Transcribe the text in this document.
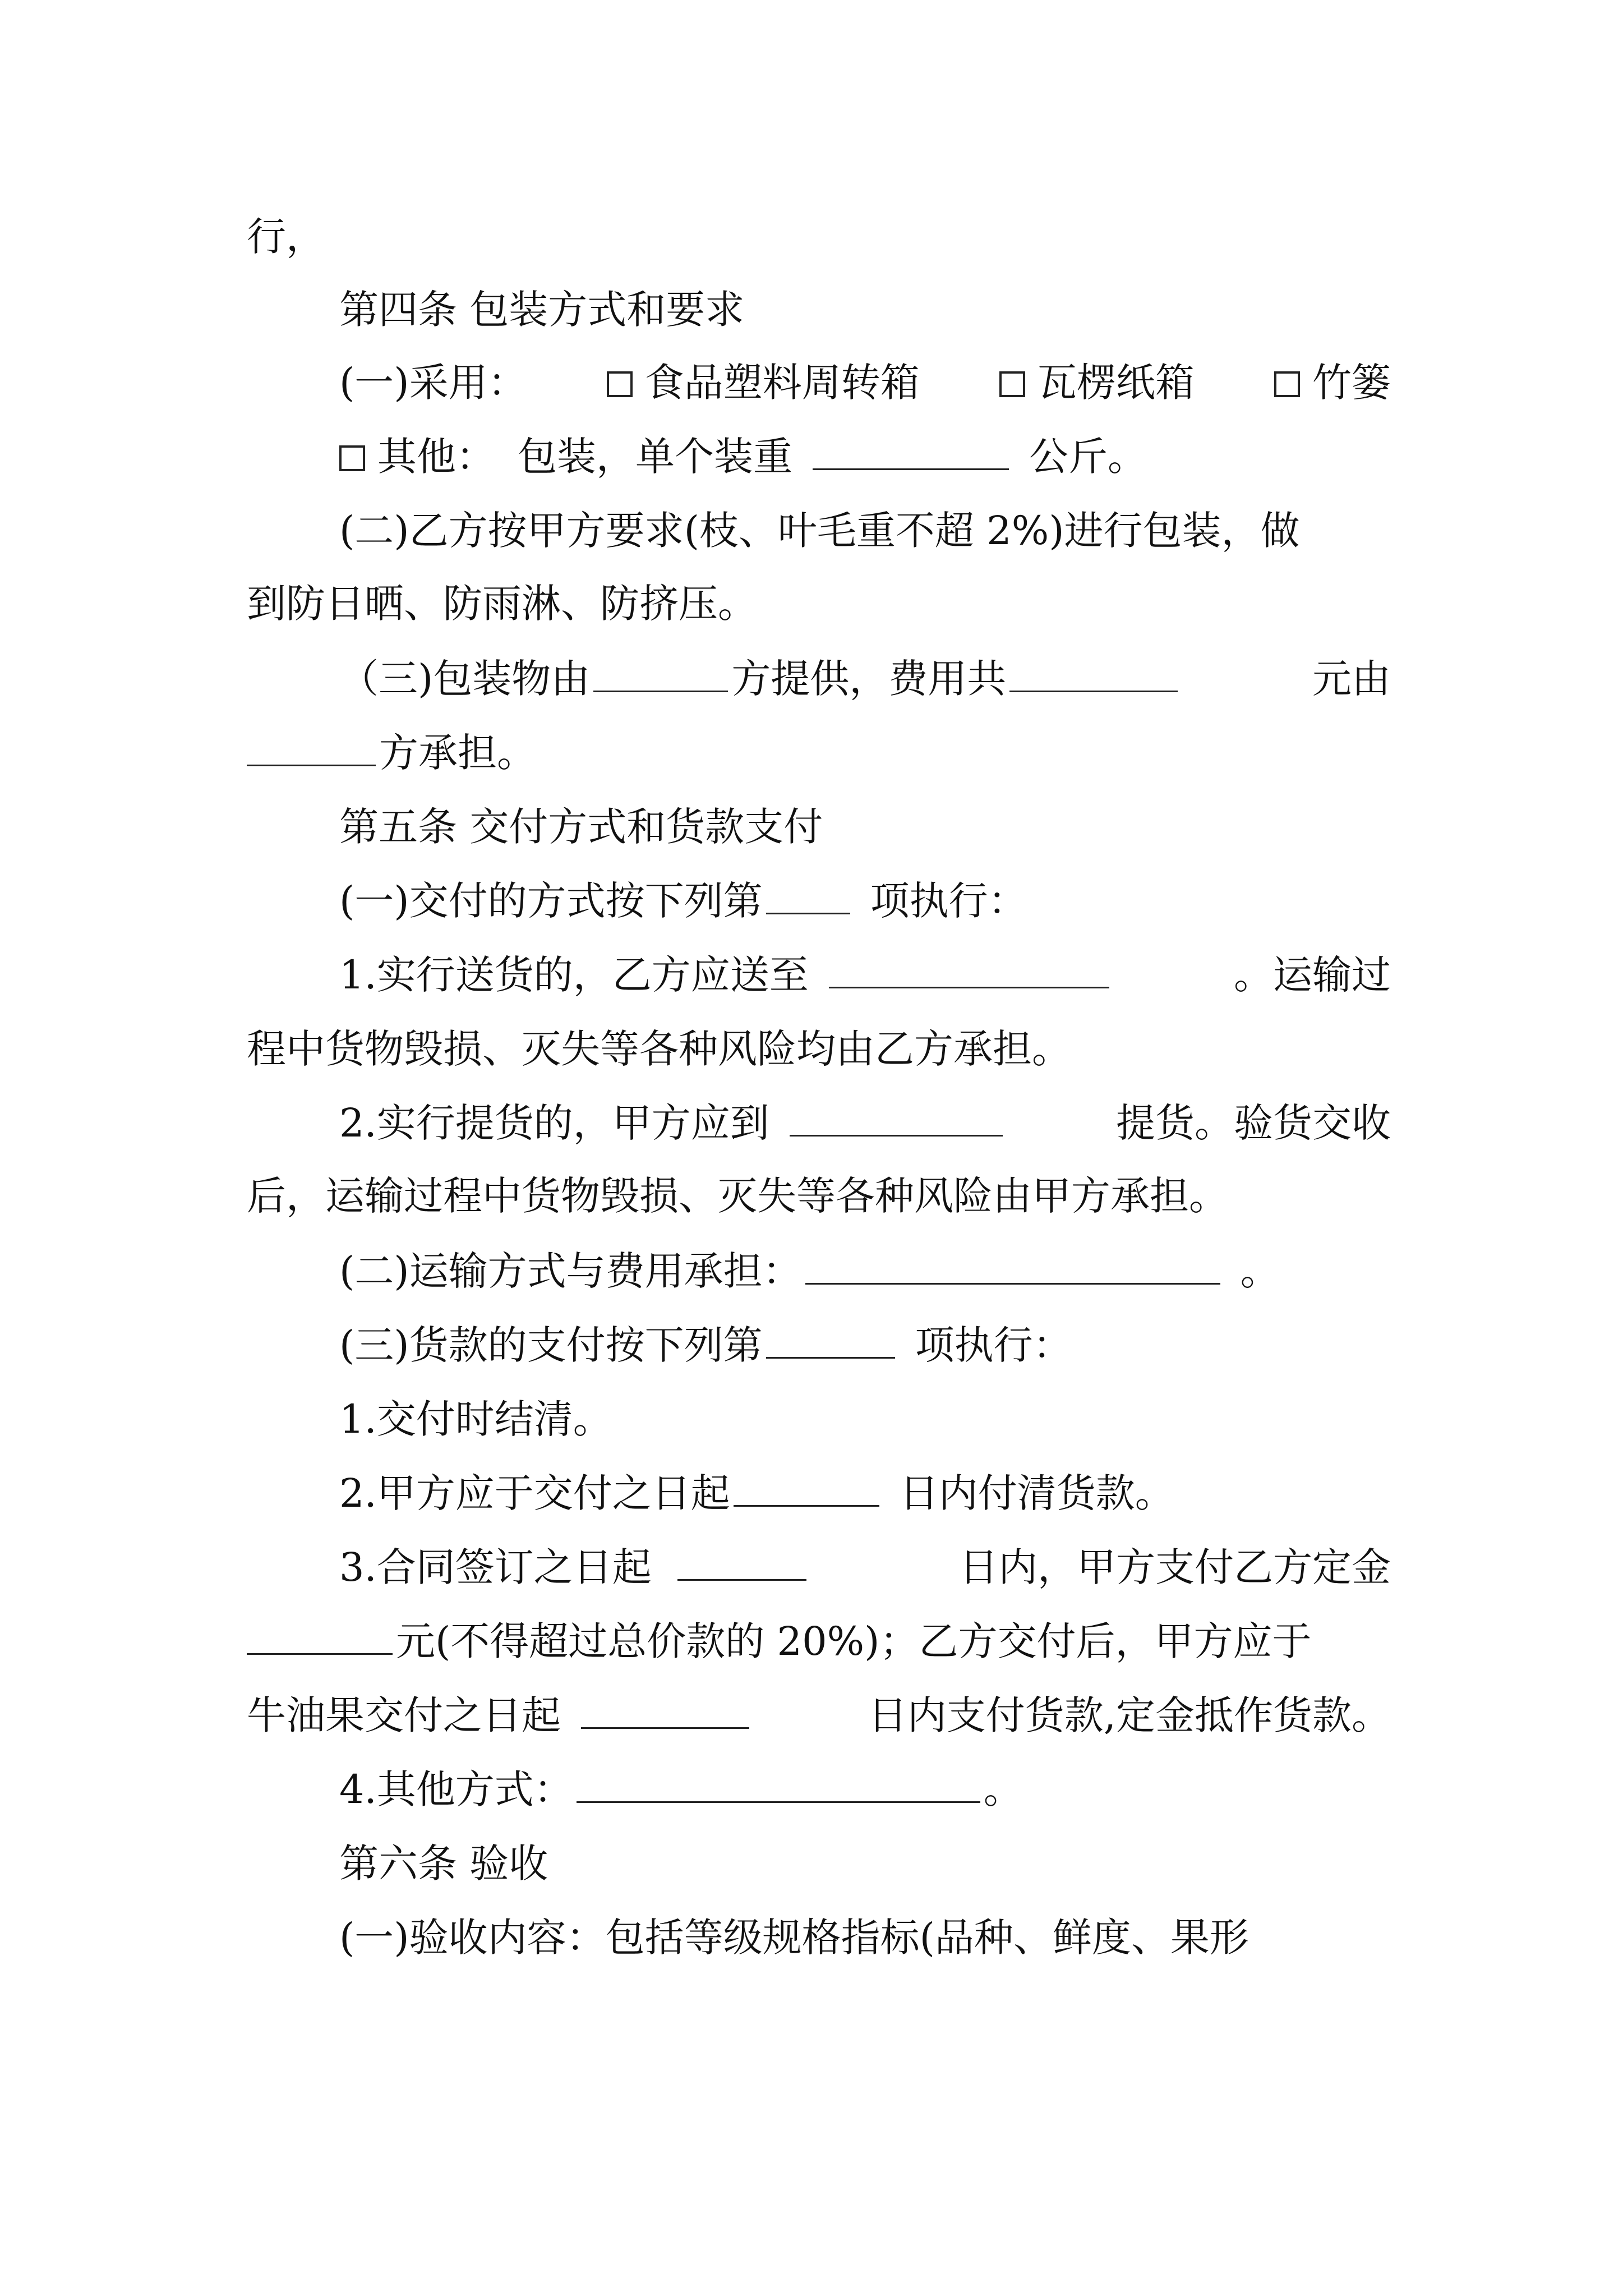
行，
第四条 包装方式和要求
(一)采用：	食品塑料周转箱	瓦楞纸箱	竹篓
其他： 包装，单个装重	公斤。
(二)乙方按甲方要求(枝、叶毛重不超 2%)进行包装，做
到防日晒、防雨淋、防挤压。
（三)包装物由	方提供，费用共	元由
方承担。
第五条 交付方式和货款支付
(一)交付的方式按下列第	项执行：
1.实行送货的，乙方应送至	。运输过
程中货物毁损、灭失等各种风险均由乙方承担。
2.实行提货的，甲方应到	提货。验货交收
后，运输过程中货物毁损、灭失等各种风险由甲方承担。
(二)运输方式与费用承担：	。
(三)货款的支付按下列第	项执行：
1.交付时结清。
2.甲方应于交付之日起	日内付清货款。
3.合同签订之日起	日内，甲方支付乙方定金
元(不得超过总价款的 20%)；乙方交付后，甲方应于
牛油果交付之日起	日内支付货款,定金抵作货款。
4.其他方式：	。
第六条 验收
(一)验收内容：包括等级规格指标(品种、鲜度、果形
